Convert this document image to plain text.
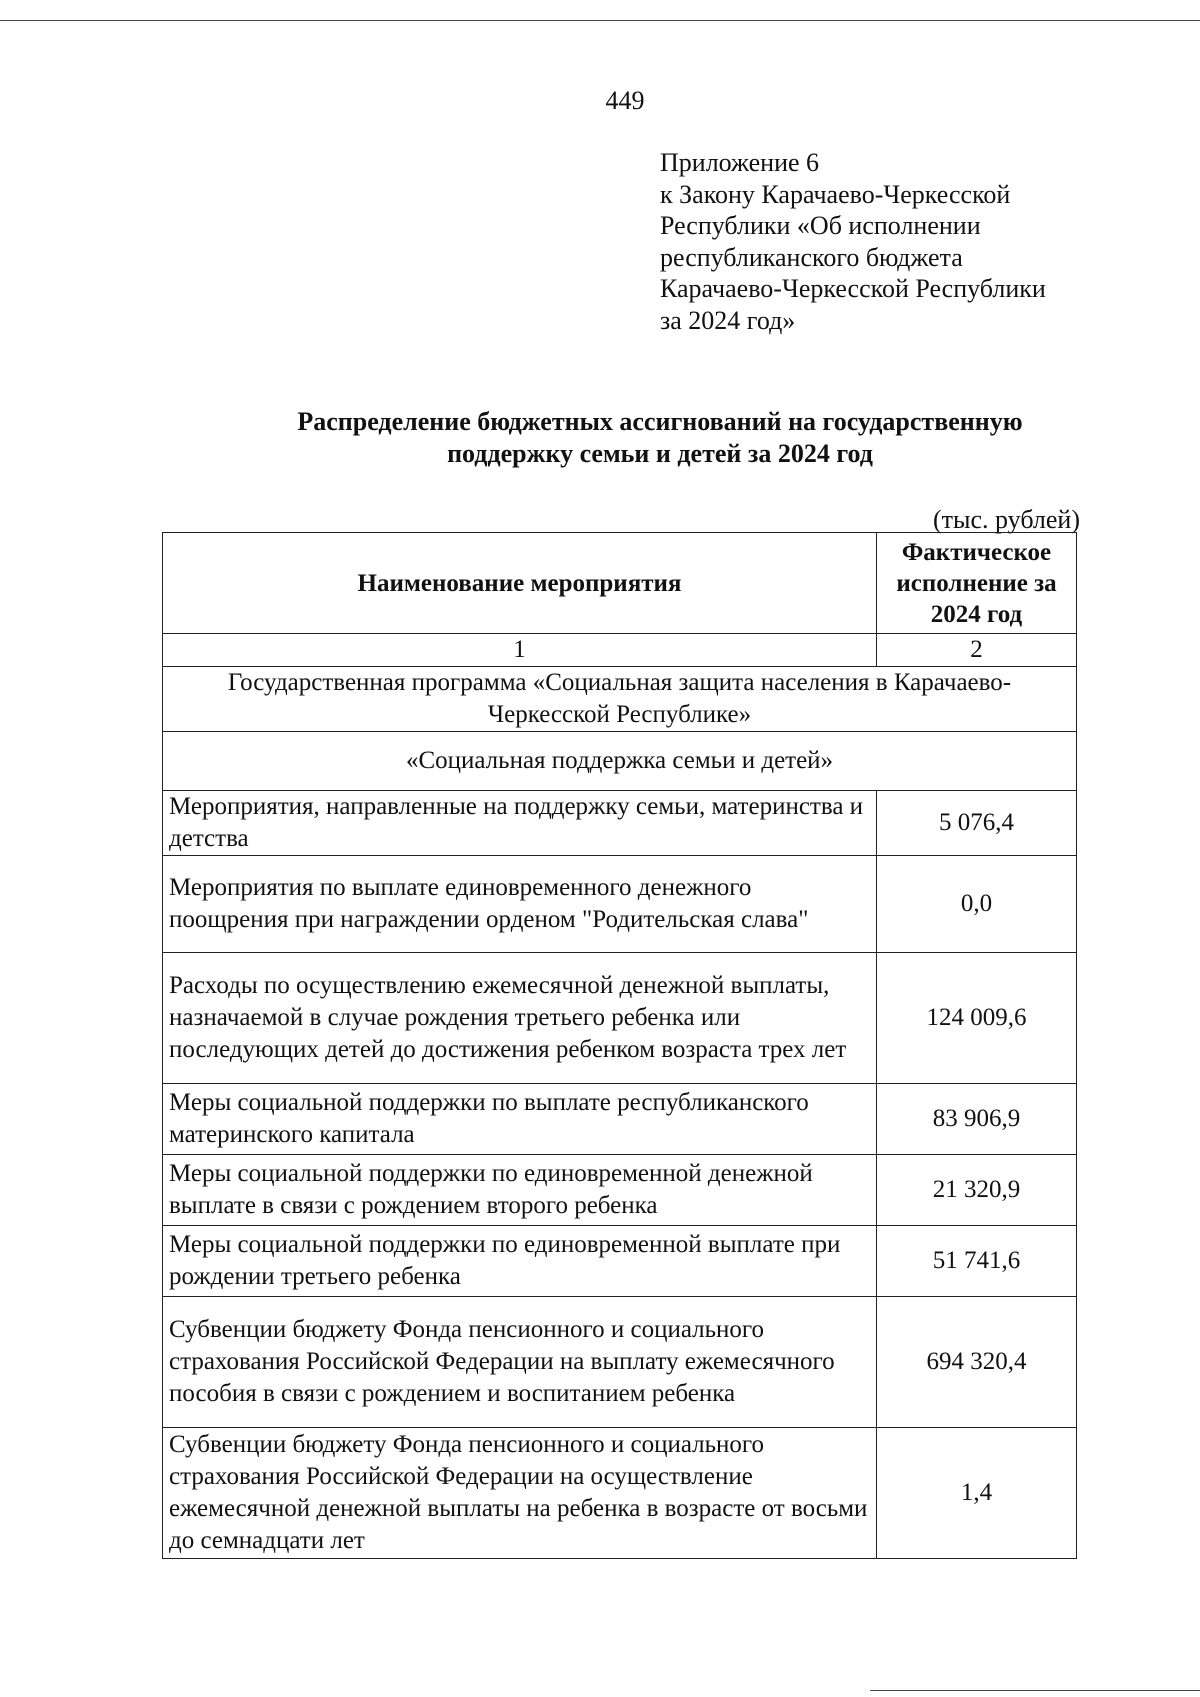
449
Приложение 6
к Закону Карачаево-Черкесской
Республики «Об исполнении
республиканского бюджета
Карачаево-Черкесской Республики
за 2024 год»
Распределение бюджетных ассигнований на государственную
поддержку семьи и детей за 2024 год
(тыс. рублей)
Наименование мероприятия	Фактическое исполнение за 2024 год
1	2
Государственная программа «Социальная защита населения в Карачаево-Черкесской Республике»	
«Социальная поддержка семьи и детей»	
Мероприятия, направленные на поддержку семьи, материнства и детства	5 076,4
Мероприятия по выплате единовременного денежного поощрения при награждении орденом "Родительская слава"	0,0
Расходы по осуществлению ежемесячной денежной выплаты, назначаемой в случае рождения третьего ребенка или последующих детей до достижения ребенком возраста трех лет	124 009,6
Меры социальной поддержки по выплате республиканского материнского капитала	83 906,9
Меры социальной поддержки по единовременной денежной выплате в связи с рождением второго ребенка	21 320,9
Меры социальной поддержки по единовременной выплате при рождении третьего ребенка	51 741,6
Субвенции бюджету Фонда пенсионного и социального страхования Российской Федерации на выплату ежемесячного пособия в связи с рождением и воспитанием ребенка	694 320,4
Субвенции бюджету Фонда пенсионного и социального страхования Российской Федерации на осуществление ежемесячной денежной выплаты на ребенка в возрасте от восьми до семнадцати лет	1,4
